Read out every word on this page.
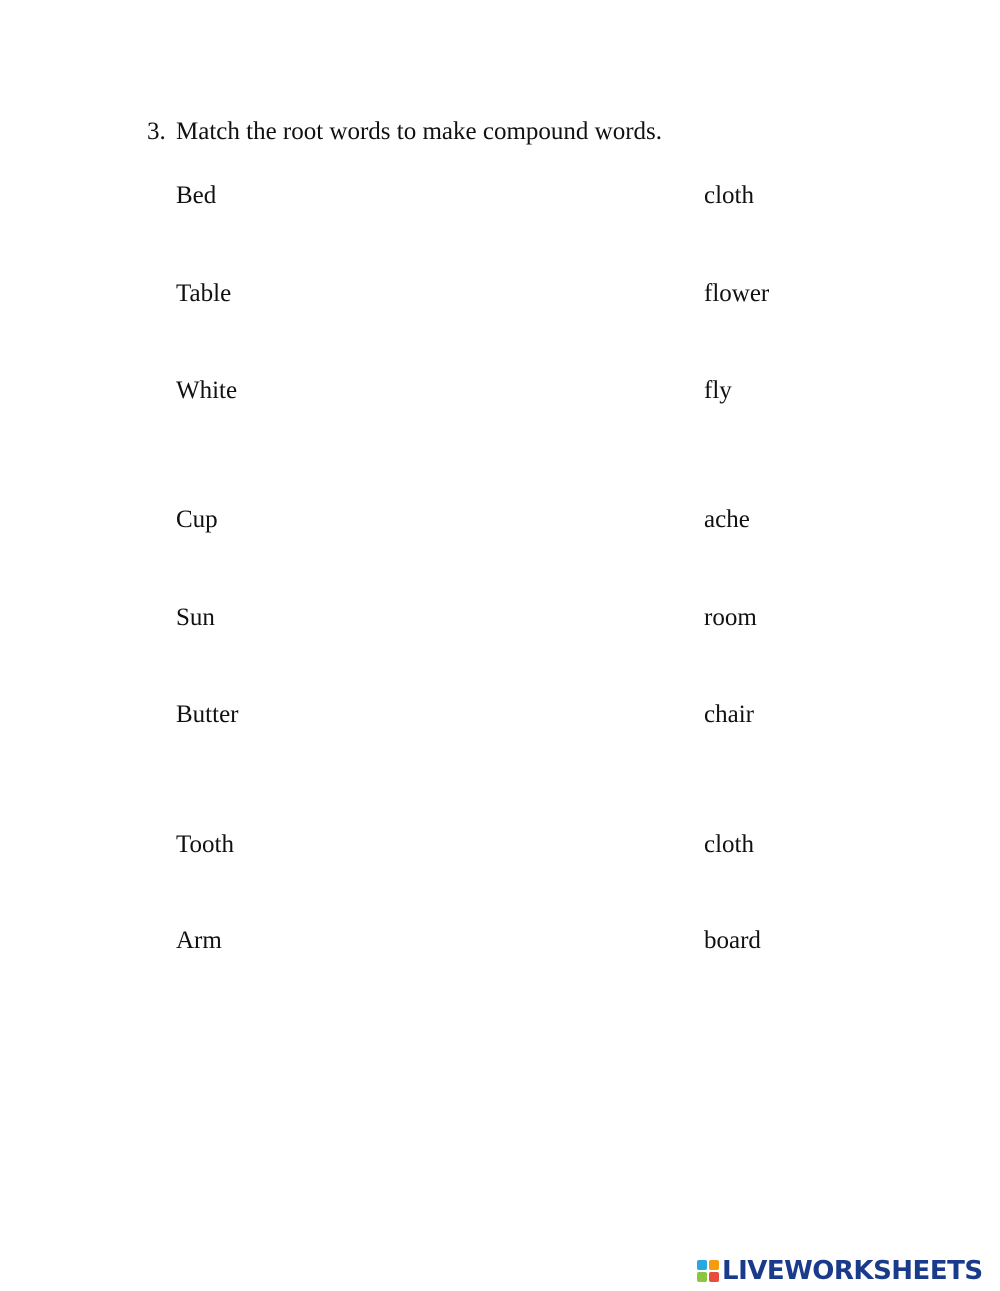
3. Match the root words to make compound words.
Bed	cloth
Table	flower
White	fly
Cup	ache
Sun	room
Butter	chair
Tooth	cloth
Arm	board
LIVEWORKSHEETS
